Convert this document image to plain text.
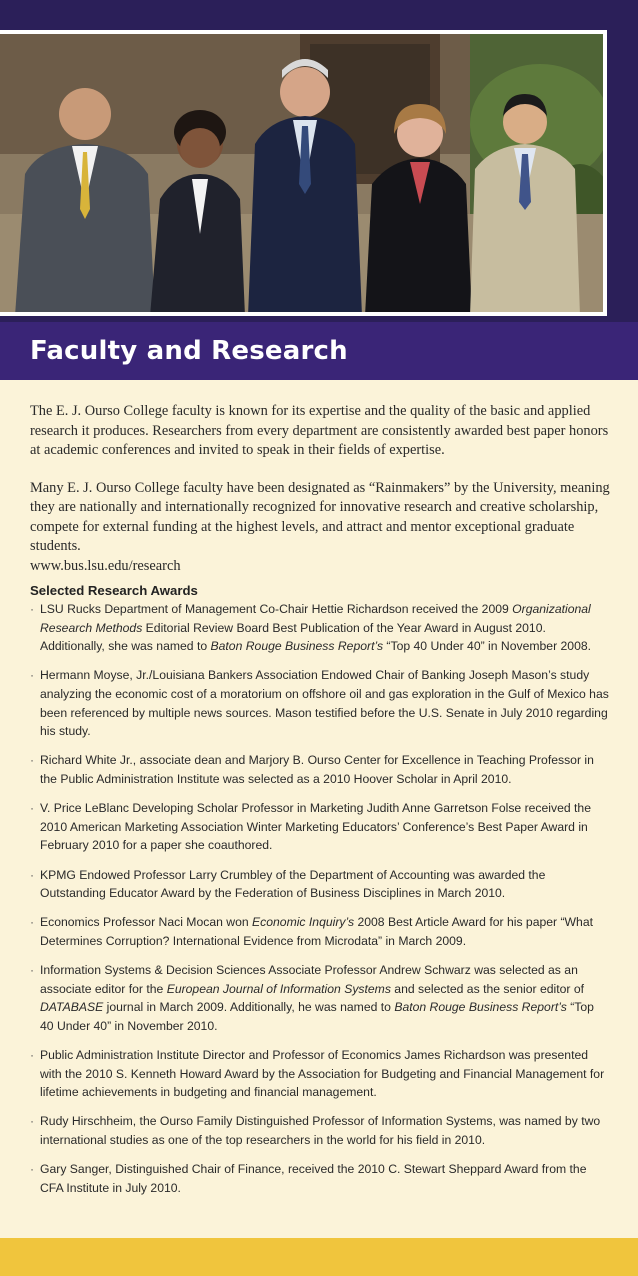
Faculty and Research

The E. J. Ourso College faculty is known for its expertise and the quality of the basic and applied research it produces. Researchers from every department are consistently awarded best paper honors at academic conferences and invited to speak in their fields of expertise.

Many E. J. Ourso College faculty have been designated as “Rainmakers” by the University, meaning they are nationally and internationally recognized for innovative research and creative scholarship, compete for external funding at the highest levels, and attract and mentor exceptional graduate students.
www.bus.lsu.edu/research

Selected Research Awards
· LSU Rucks Department of Management Co-Chair Hettie Richardson received the 2009 Organizational Research Methods Editorial Review Board Best Publication of the Year Award in August 2010. Additionally, she was named to Baton Rouge Business Report’s “Top 40 Under 40” in November 2008.
· Hermann Moyse, Jr./Louisiana Bankers Association Endowed Chair of Banking Joseph Mason’s study analyzing the economic cost of a moratorium on offshore oil and gas exploration in the Gulf of Mexico has been referenced by multiple news sources. Mason testified before the U.S. Senate in July 2010 regarding his study.
· Richard White Jr., associate dean and Marjory B. Ourso Center for Excellence in Teaching Professor in the Public Administration Institute was selected as a 2010 Hoover Scholar in April 2010.
· V. Price LeBlanc Developing Scholar Professor in Marketing Judith Anne Garretson Folse received the 2010 American Marketing Association Winter Marketing Educators’ Conference’s Best Paper Award in February 2010 for a paper she coauthored.
· KPMG Endowed Professor Larry Crumbley of the Department of Accounting was awarded the Outstanding Educator Award by the Federation of Business Disciplines in March 2010.
· Economics Professor Naci Mocan won Economic Inquiry’s 2008 Best Article Award for his paper “What Determines Corruption? International Evidence from Microdata” in March 2009.
· Information Systems & Decision Sciences Associate Professor Andrew Schwarz was selected as an associate editor for the European Journal of Information Systems and selected as the senior editor of DATABASE journal in March 2009. Additionally, he was named to Baton Rouge Business Report’s “Top 40 Under 40” in November 2010.
· Public Administration Institute Director and Professor of Economics James Richardson was presented with the 2010 S. Kenneth Howard Award by the Association for Budgeting and Financial Management for lifetime achievements in budgeting and financial management.
· Rudy Hirschheim, the Ourso Family Distinguished Professor of Information Systems, was named by two international studies as one of the top researchers in the world for his field in 2010.
· Gary Sanger, Distinguished Chair of Finance, received the 2010 C. Stewart Sheppard Award from the CFA Institute in July 2010.
